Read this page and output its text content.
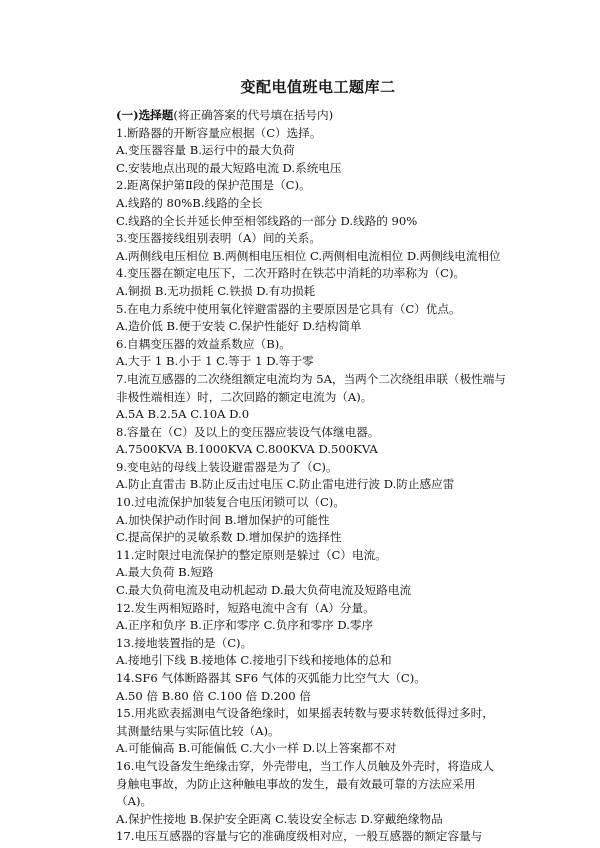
变配电值班电工题库二
(一)选择题(将正确答案的代号填在括号内)
1.断路器的开断容量应根据（C）选择。
A.变压器容量 B.运行中的最大负荷
C.安装地点出现的最大短路电流 D.系统电压
2.距离保护第Ⅱ段的保护范围是（C)。
A.线路的 80%B.线路的全长
C.线路的全长并延长伸至相邻线路的一部分 D.线路的 90%
3.变压器接线组别表明（A）间的关系。
A.两侧线电压相位 B.两侧相电压相位 C.两侧相电流相位 D.两侧线电流相位
4.变压器在额定电压下，二次开路时在铁芯中消耗的功率称为（C)。
A.铜损 B.无功损耗 C.铁损 D.有功损耗
5.在电力系统中使用氧化锌避雷器的主要原因是它具有（C）优点。
A.造价低 B.便于安装 C.保护性能好 D.结构简单
6.自耦变压器的效益系数应（B)。
A.大于 1 B.小于 1 C.等于 1 D.等于零
7.电流互感器的二次绕组额定电流均为 5A，当两个二次绕组串联（极性端与
非极性端相连）时，二次回路的额定电流为（A)。
A.5A B.2.5A C.10A D.0
8.容量在（C）及以上的变压器应装设气体继电器。
A.7500KVA B.1000KVA C.800KVA D.500KVA
9.变电站的母线上装设避雷器是为了（C)。
A.防止直雷击 B.防止反击过电压 C.防止雷电进行波 D.防止感应雷
10.过电流保护加装复合电压闭锁可以（C)。
A.加快保护动作时间 B.增加保护的可能性
C.提高保护的灵敏系数 D.增加保护的选择性
11.定时限过电流保护的整定原则是躲过（C）电流。
A.最大负荷 B.短路
C.最大负荷电流及电动机起动 D.最大负荷电流及短路电流
12.发生两相短路时，短路电流中含有（A）分量。
A.正序和负序 B.正序和零序 C.负序和零序 D.零序
13.接地装置指的是（C)。
A.接地引下线 B.接地体 C.接地引下线和接地体的总和
14.SF6 气体断路器其 SF6 气体的灭弧能力比空气大（C)。
A.50 倍 B.80 倍 C.100 倍 D.200 倍
15.用兆欧表摇测电气设备绝缘时，如果摇表转数与要求转数低得过多时，
其测量结果与实际值比较（A)。
A.可能偏高 B.可能偏低 C.大小一样 D.以上答案都不对
16.电气设备发生绝缘击穿，外壳带电，当工作人员触及外壳时，将造成人
身触电事故，为防止这种触电事故的发生，最有效最可靠的方法应采用
（A)。
A.保护性接地 B.保护安全距离 C.装设安全标志 D.穿戴绝缘物品
17.电压互感器的容量与它的准确度级相对应，一般互感器的额定容量与
